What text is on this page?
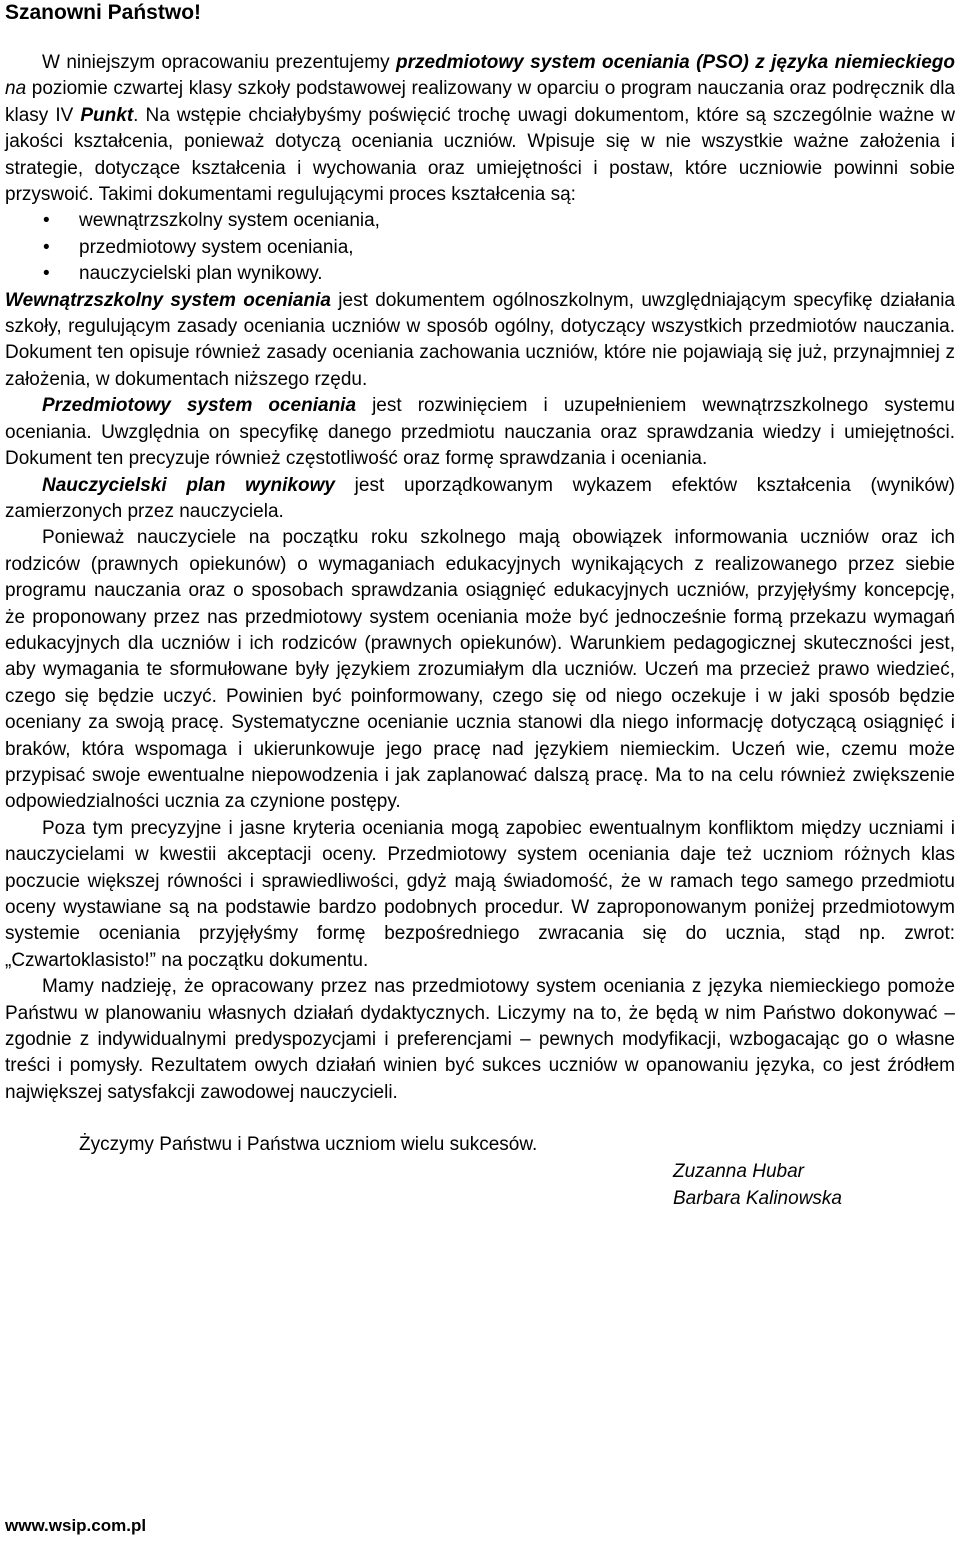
Szanowni Państwo!

W niniejszym opracowaniu prezentujemy przedmiotowy system oceniania (PSO) z języka niemieckiego na poziomie czwartej klasy szkoły podstawowej realizowany w oparciu o program nauczania oraz podręcznik dla klasy IV Punkt. Na wstępie chciałybyśmy poświęcić trochę uwagi dokumentom, które są szczególnie ważne w jakości kształcenia, ponieważ dotyczą oceniania uczniów. Wpisuje się w nie wszystkie ważne założenia i strategie, dotyczące kształcenia i wychowania oraz umiejętności i postaw, które uczniowie powinni sobie przyswoić. Takimi dokumentami regulującymi proces kształcenia są:

• wewnątrzszkolny system oceniania,
• przedmiotowy system oceniania,
• nauczycielski plan wynikowy.

Wewnątrzszkolny system oceniania jest dokumentem ogólnoszkolnym, uwzględniającym specyfikę działania szkoły, regulującym zasady oceniania uczniów w sposób ogólny, dotyczący wszystkich przedmiotów nauczania. Dokument ten opisuje również zasady oceniania zachowania uczniów, które nie pojawiają się już, przynajmniej z założenia, w dokumentach niższego rzędu.

Przedmiotowy system oceniania jest rozwinięciem i uzupełnieniem wewnątrzszkolnego systemu oceniania. Uwzględnia on specyfikę danego przedmiotu nauczania oraz sprawdzania wiedzy i umiejętności. Dokument ten precyzuje również częstotliwość oraz formę sprawdzania i oceniania.

Nauczycielski plan wynikowy jest uporządkowanym wykazem efektów kształcenia (wyników) zamierzonych przez nauczyciela.

Ponieważ nauczyciele na początku roku szkolnego mają obowiązek informowania uczniów oraz ich rodziców (prawnych opiekunów) o wymaganiach edukacyjnych wynikających z realizowanego przez siebie programu nauczania oraz o sposobach sprawdzania osiągnięć edukacyjnych uczniów, przyjęłyśmy koncepcję, że proponowany przez nas przedmiotowy system oceniania może być jednocześnie formą przekazu wymagań edukacyjnych dla uczniów i ich rodziców (prawnych opiekunów). Warunkiem pedagogicznej skuteczności jest, aby wymagania te sformułowane były językiem zrozumiałym dla uczniów. Uczeń ma przecież prawo wiedzieć, czego się będzie uczyć. Powinien być poinformowany, czego się od niego oczekuje i w jaki sposób będzie oceniany za swoją pracę. Systematyczne ocenianie ucznia stanowi dla niego informację dotyczącą osiągnięć i braków, która wspomaga i ukierunkowuje jego pracę nad językiem niemieckim. Uczeń wie, czemu może przypisać swoje ewentualne niepowodzenia i jak zaplanować dalszą pracę. Ma to na celu również zwiększenie odpowiedzialności ucznia za czynione postępy.

Poza tym precyzyjne i jasne kryteria oceniania mogą zapobiec ewentualnym konfliktom między uczniami i nauczycielami w kwestii akceptacji oceny. Przedmiotowy system oceniania daje też uczniom różnych klas poczucie większej równości i sprawiedliwości, gdyż mają świadomość, że w ramach tego samego przedmiotu oceny wystawiane są na podstawie bardzo podobnych procedur. W zaproponowanym poniżej przedmiotowym systemie oceniania przyjęłyśmy formę bezpośredniego zwracania się do ucznia, stąd np. zwrot: „Czwartoklasisto!” na początku dokumentu.

Mamy nadzieję, że opracowany przez nas przedmiotowy system oceniania z języka niemieckiego pomoże Państwu w planowaniu własnych działań dydaktycznych. Liczymy na to, że będą w nim Państwo dokonywać – zgodnie z indywidualnymi predyspozycjami i preferencjami – pewnych modyfikacji, wzbogacając go o własne treści i pomysły. Rezultatem owych działań winien być sukces uczniów w opanowaniu języka, co jest źródłem największej satysfakcji zawodowej nauczycieli.

Życzymy Państwu i Państwa uczniom wielu sukcesów.

Zuzanna Hubar
Barbara Kalinowska
www.wsip.com.pl
